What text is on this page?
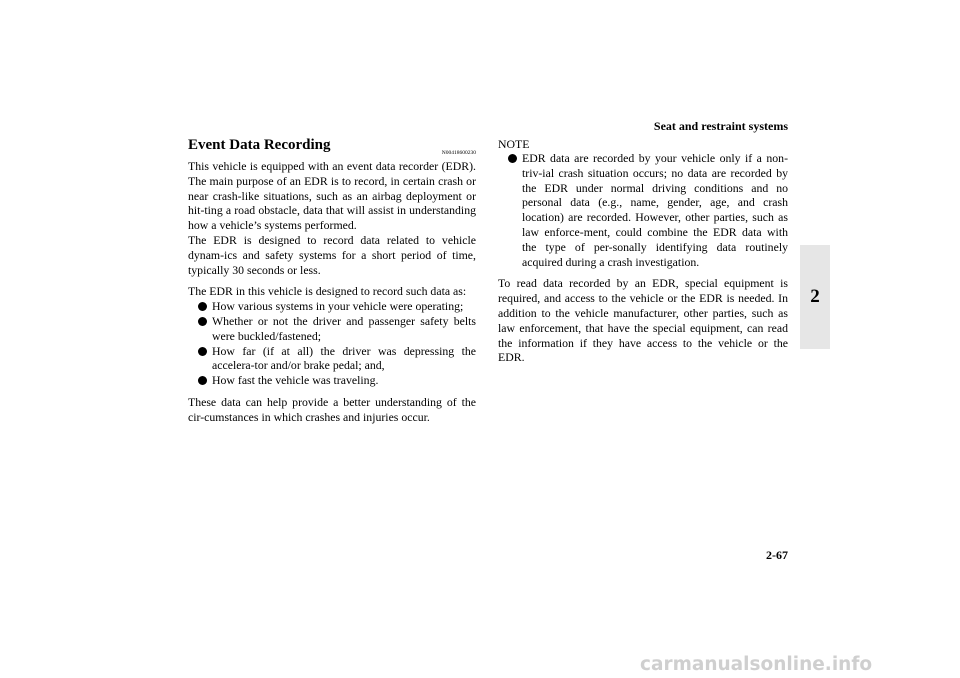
Seat and restraint systems
2
Event Data Recording	N00418600230

This vehicle is equipped with an event data recorder (EDR). The main purpose of an EDR is to record, in certain crash or near crash-like situations, such as an airbag deployment or hit-ting a road obstacle, data that will assist in understanding how a vehicle’s systems performed.

The EDR is designed to record data related to vehicle dynam-ics and safety systems for a short period of time, typically 30 seconds or less.

The EDR in this vehicle is designed to record such data as:

How various systems in your vehicle were operating;
Whether or not the driver and passenger safety belts were buckled/fastened;
How far (if at all) the driver was depressing the accelera-tor and/or brake pedal; and,
How fast the vehicle was traveling.

These data can help provide a better understanding of the cir-cumstances in which crashes and injuries occur.

NOTE
EDR data are recorded by your vehicle only if a non-triv-ial crash situation occurs; no data are recorded by the EDR under normal driving conditions and no personal data (e.g., name, gender, age, and crash location) are recorded. However, other parties, such as law enforce-ment, could combine the EDR data with the type of per-sonally identifying data routinely acquired during a crash investigation.

To read data recorded by an EDR, special equipment is required, and access to the vehicle or the EDR is needed. In addition to the vehicle manufacturer, other parties, such as law enforcement, that have the special equipment, can read the information if they have access to the vehicle or the EDR.

2-67
carmanualsonline.info
